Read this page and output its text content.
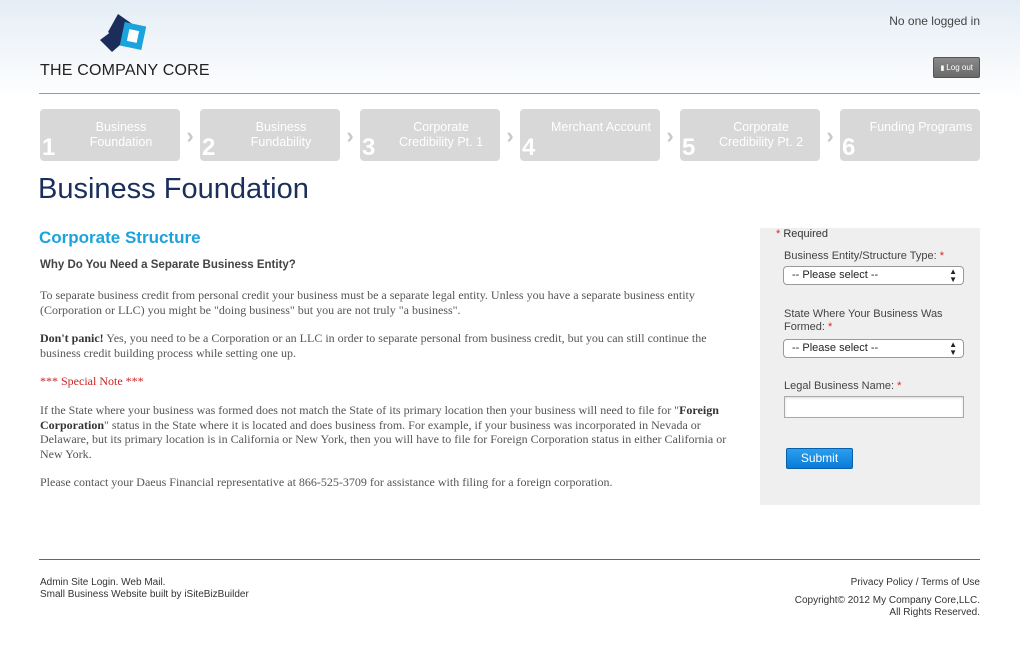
THE COMPANY CORE
No one logged in
▮ Log out
1
Business Foundation	› 2
Business Fundability	› 3
Corporate Credibility Pt. 1	› 4
Merchant Account › 5
Corporate Credibility Pt. 2	› 6
Funding Programs
Business Foundation
Corporate Structure
Why Do You Need a Separate Business Entity?

To separate business credit from personal credit your business must be a separate legal entity. Unless you have a separate business entity (Corporation or LLC) you might be "doing business" but you are not truly "a business".

Don't panic! Yes, you need to be a Corporation or an LLC in order to separate personal from business credit, but you can still continue the business credit building process while setting one up.

*** Special Note ***

If the State where your business was formed does not match the State of its primary location then your business will need to file for "Foreign Corporation" status in the State where it is located and does business from. For example, if your business was incorporated in Nevada or Delaware, but its primary location is in California or New York, then you will have to file for Foreign Corporation status in either California or New York.

Please contact your Daeus Financial representative at 866-525-3709 for assistance with filing for a foreign corporation.

* Required
Business Entity/Structure Type: *
-- Please select --	▲
▼
State Where Your Business Was Formed: *
-- Please select --	▲
▼
Legal Business Name: *
Submit
Admin Site Login. Web Mail.
Small Business Website built by iSiteBizBuilder
Privacy Policy / Terms of Use
Copyright© 2012 My Company Core,LLC.
All Rights Reserved.
